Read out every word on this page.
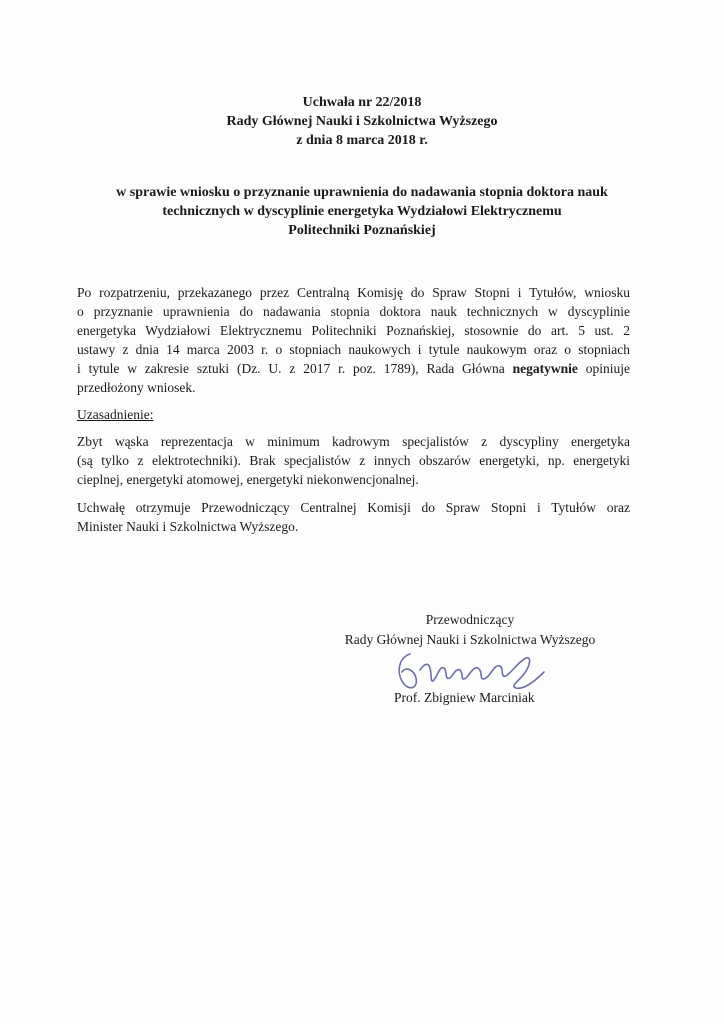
Uchwała nr 22/2018
Rady Głównej Nauki i Szkolnictwa Wyższego
z dnia 8 marca 2018 r.
w sprawie wniosku o przyznanie uprawnienia do nadawania stopnia doktora nauk
technicznych w dyscyplinie energetyka Wydziałowi Elektrycznemu
Politechniki Poznańskiej
Po rozpatrzeniu, przekazanego przez Centralną Komisję do Spraw Stopni i Tytułów, wniosku
o przyznanie uprawnienia do nadawania stopnia doktora nauk technicznych w dyscyplinie
energetyka Wydziałowi Elektrycznemu Politechniki Poznańskiej, stosownie do art. 5 ust. 2
ustawy z dnia 14 marca 2003 r. o stopniach naukowych i tytule naukowym oraz o stopniach
i tytule w zakresie sztuki (Dz. U. z 2017 r. poz. 1789), Rada Główna negatywnie opiniuje
przedłożony wniosek.
Uzasadnienie:
Zbyt wąska reprezentacja w minimum kadrowym specjalistów z dyscypliny energetyka
(są tylko z elektrotechniki). Brak specjalistów z innych obszarów energetyki, np. energetyki
cieplnej, energetyki atomowej, energetyki niekonwencjonalnej.
Uchwałę otrzymuje Przewodniczący Centralnej Komisji do Spraw Stopni i Tytułów oraz
Minister Nauki i Szkolnictwa Wyższego.
Przewodniczący
Rady Głównej Nauki i Szkolnictwa Wyższego
Prof. Zbigniew Marciniak
